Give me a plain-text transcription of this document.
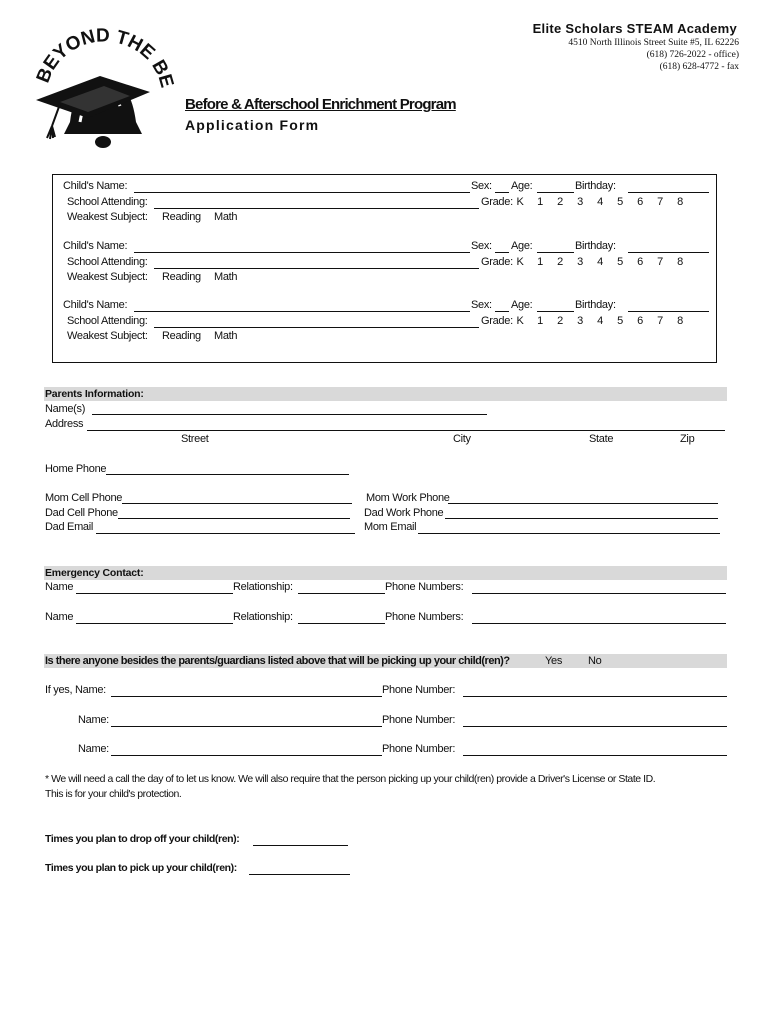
Elite Scholars STEAM Academy
4510 North Illinois Street Suite #5, IL 62226
(618) 726-2022 - office)
(618) 628-4772 - fax
BEYOND THE BE
Before & Afterschool Enrichment Program
Application Form
Child's Name:	Sex: Age:	Birthday:
School Attending:	Grade: K 1 2 3 4 5 6 7 8
Weakest Subject: Reading Math
Child's Name:	Sex: Age:	Birthday:
School Attending:	Grade: K 1 2 3 4 5 6 7 8
Weakest Subject: Reading Math
Child's Name:	Sex: Age:	Birthday:
School Attending:	Grade: K 1 2 3 4 5 6 7 8
Weakest Subject: Reading Math
Parents Information:
Name(s)
Address
Street	City	State	Zip
Home Phone
Mom Cell Phone	Mom Work Phone
Dad Cell Phone	Dad Work Phone
Dad Email	Mom Email
Emergency Contact:
Name	Relationship:	Phone Numbers:
Name	Relationship:	Phone Numbers:
Is there anyone besides the parents/guardians listed above that will be picking up your child(ren)?	Yes No
If yes, Name:	Phone Number:
Name:	Phone Number:
Name:	Phone Number:
* We will need a call the day of to let us know. We will also require that the person picking up your child(ren) provide a Driver's License or State ID.
This is for your child's protection.
Times you plan to drop off your child(ren):
Times you plan to pick up your child(ren):
